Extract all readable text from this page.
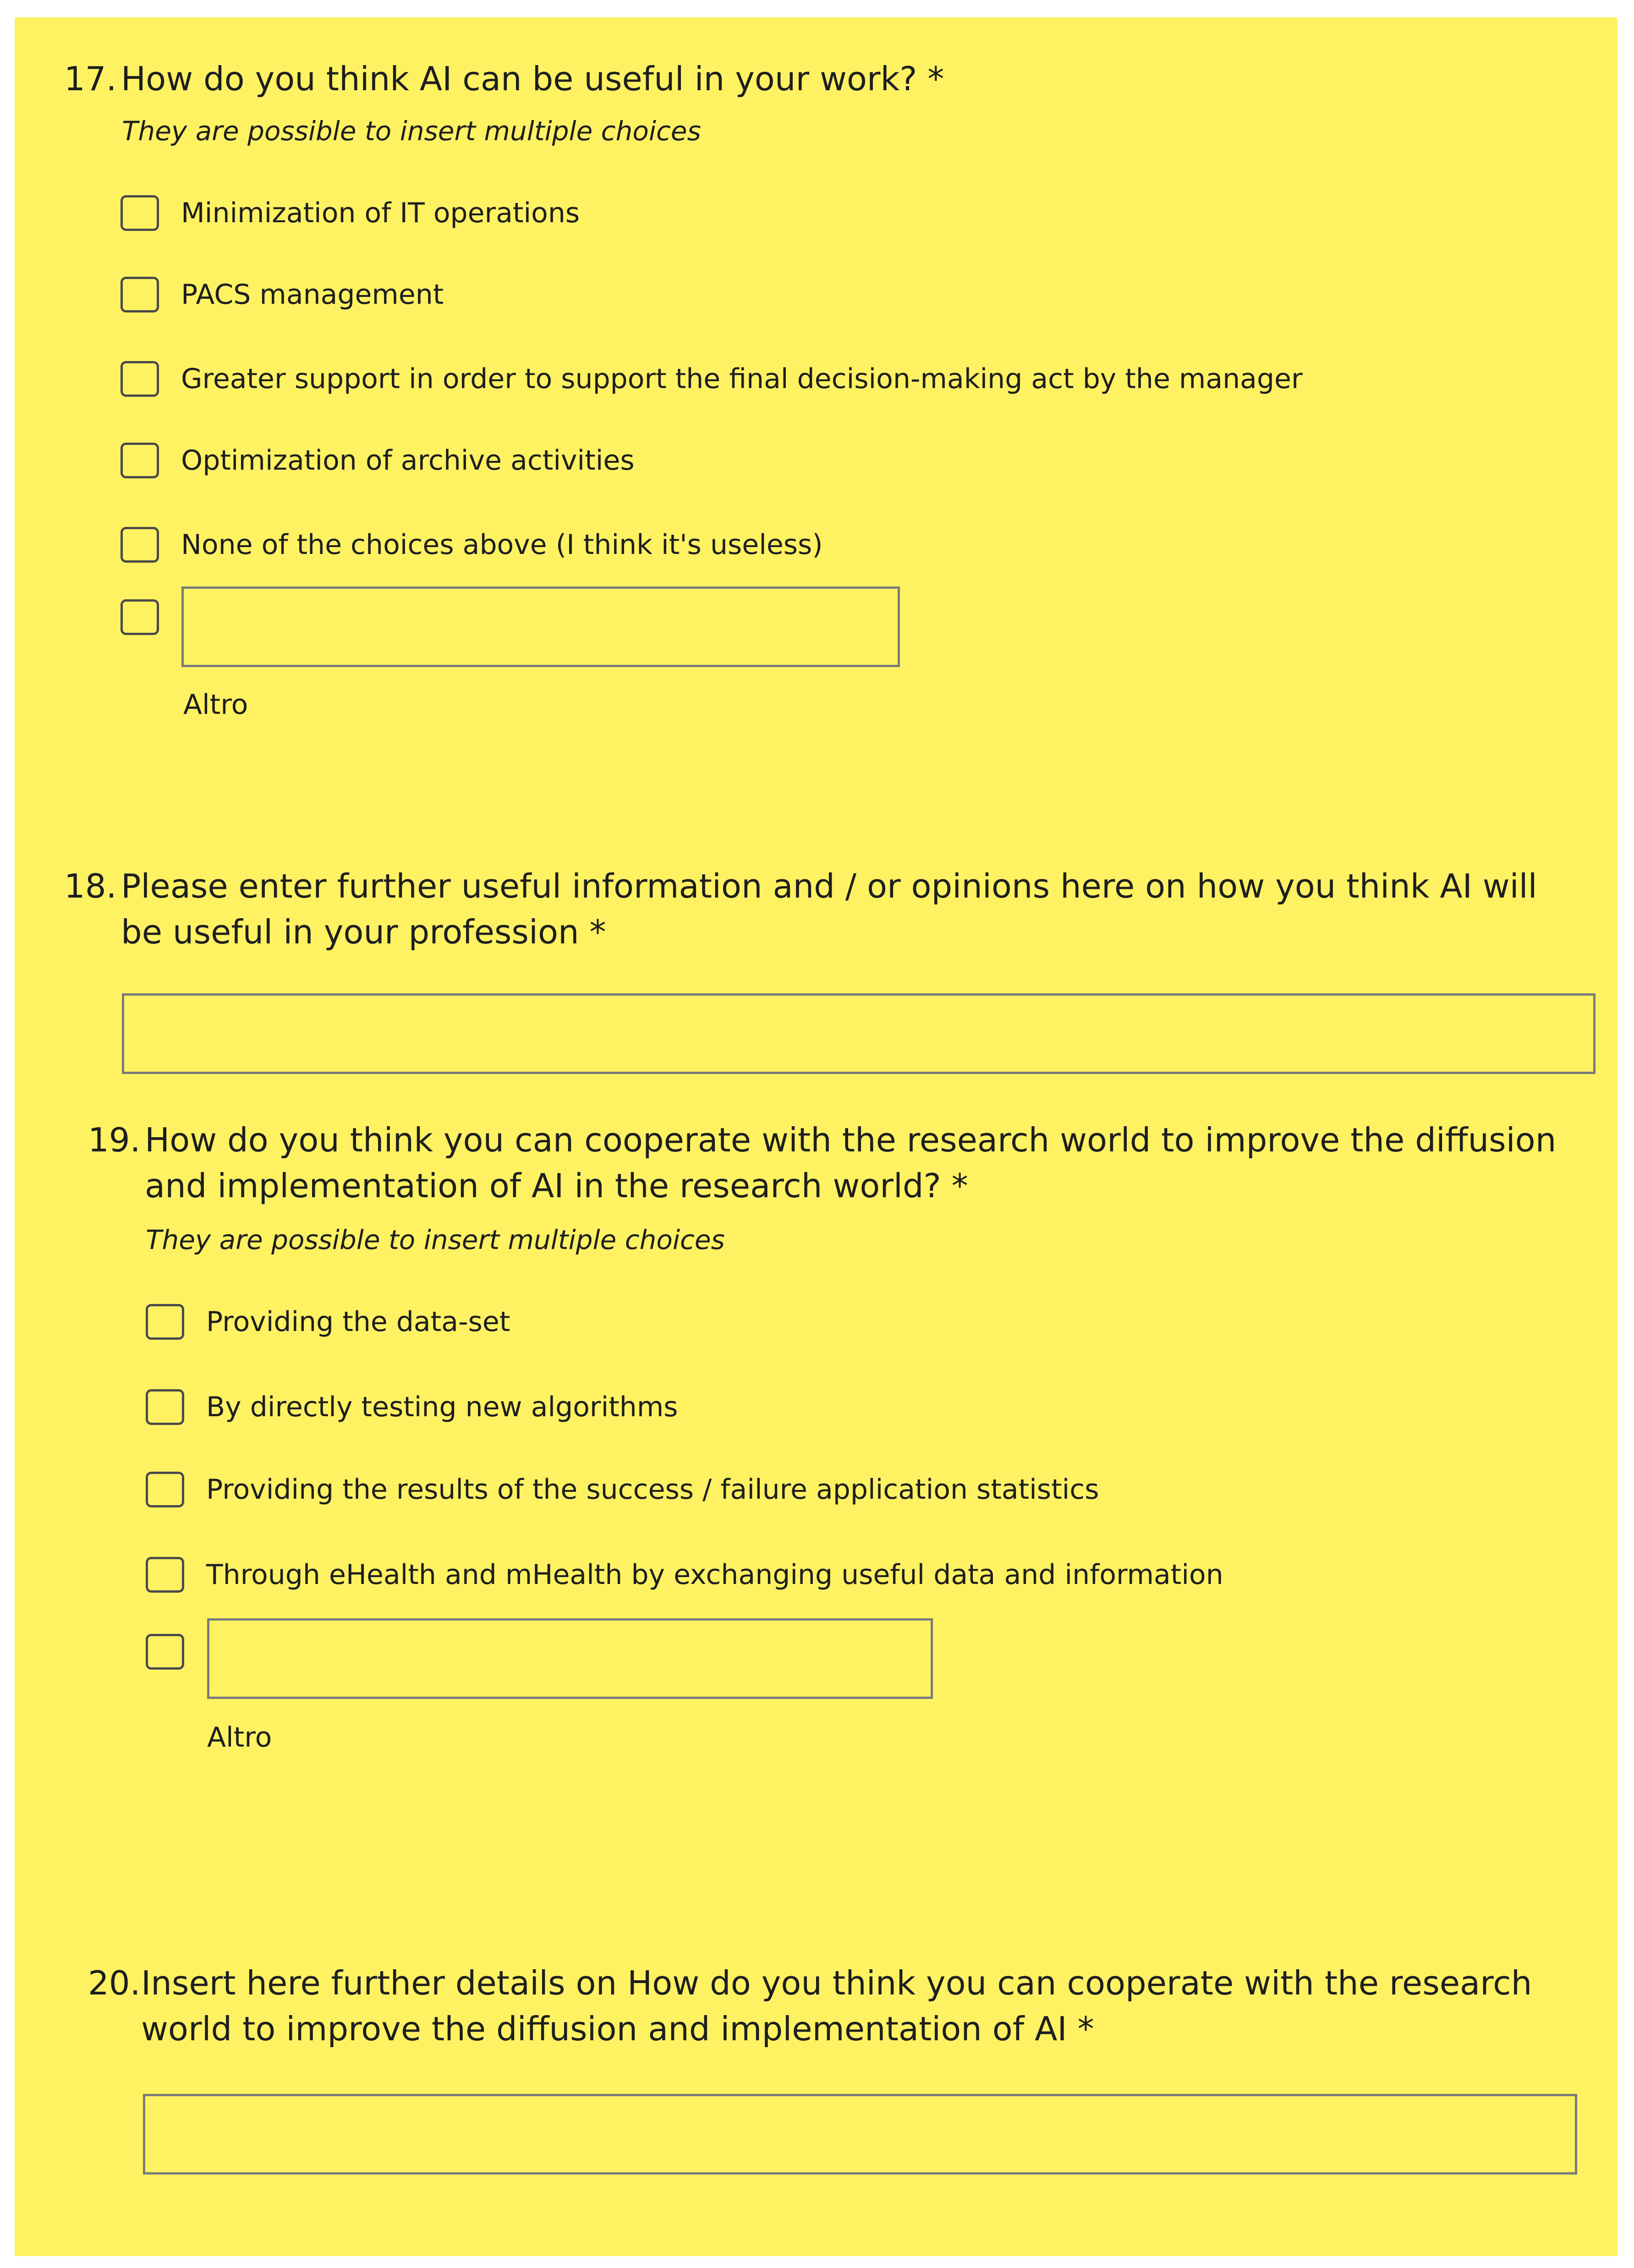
17. How do you think AI can be useful in your work? *

They are possible to insert multiple choices

Minimization of IT operations
PACS management
Greater support in order to support the final decision-making act by the manager
Optimization of archive activities
None of the choices above (I think it's useless)
Altro
18. Please enter further useful information and / or opinions here on how you think AI will be useful in your profession *
19. How do you think you can cooperate with the research world to improve the diffusion and implementation of AI in the research world? *

They are possible to insert multiple choices

Providing the data-set
By directly testing new algorithms
Providing the results of the success / failure application statistics
Through eHealth and mHealth by exchanging useful data and information
Altro
20. Insert here further details on How do you think you can cooperate with the research world to improve the diffusion and implementation of AI *
